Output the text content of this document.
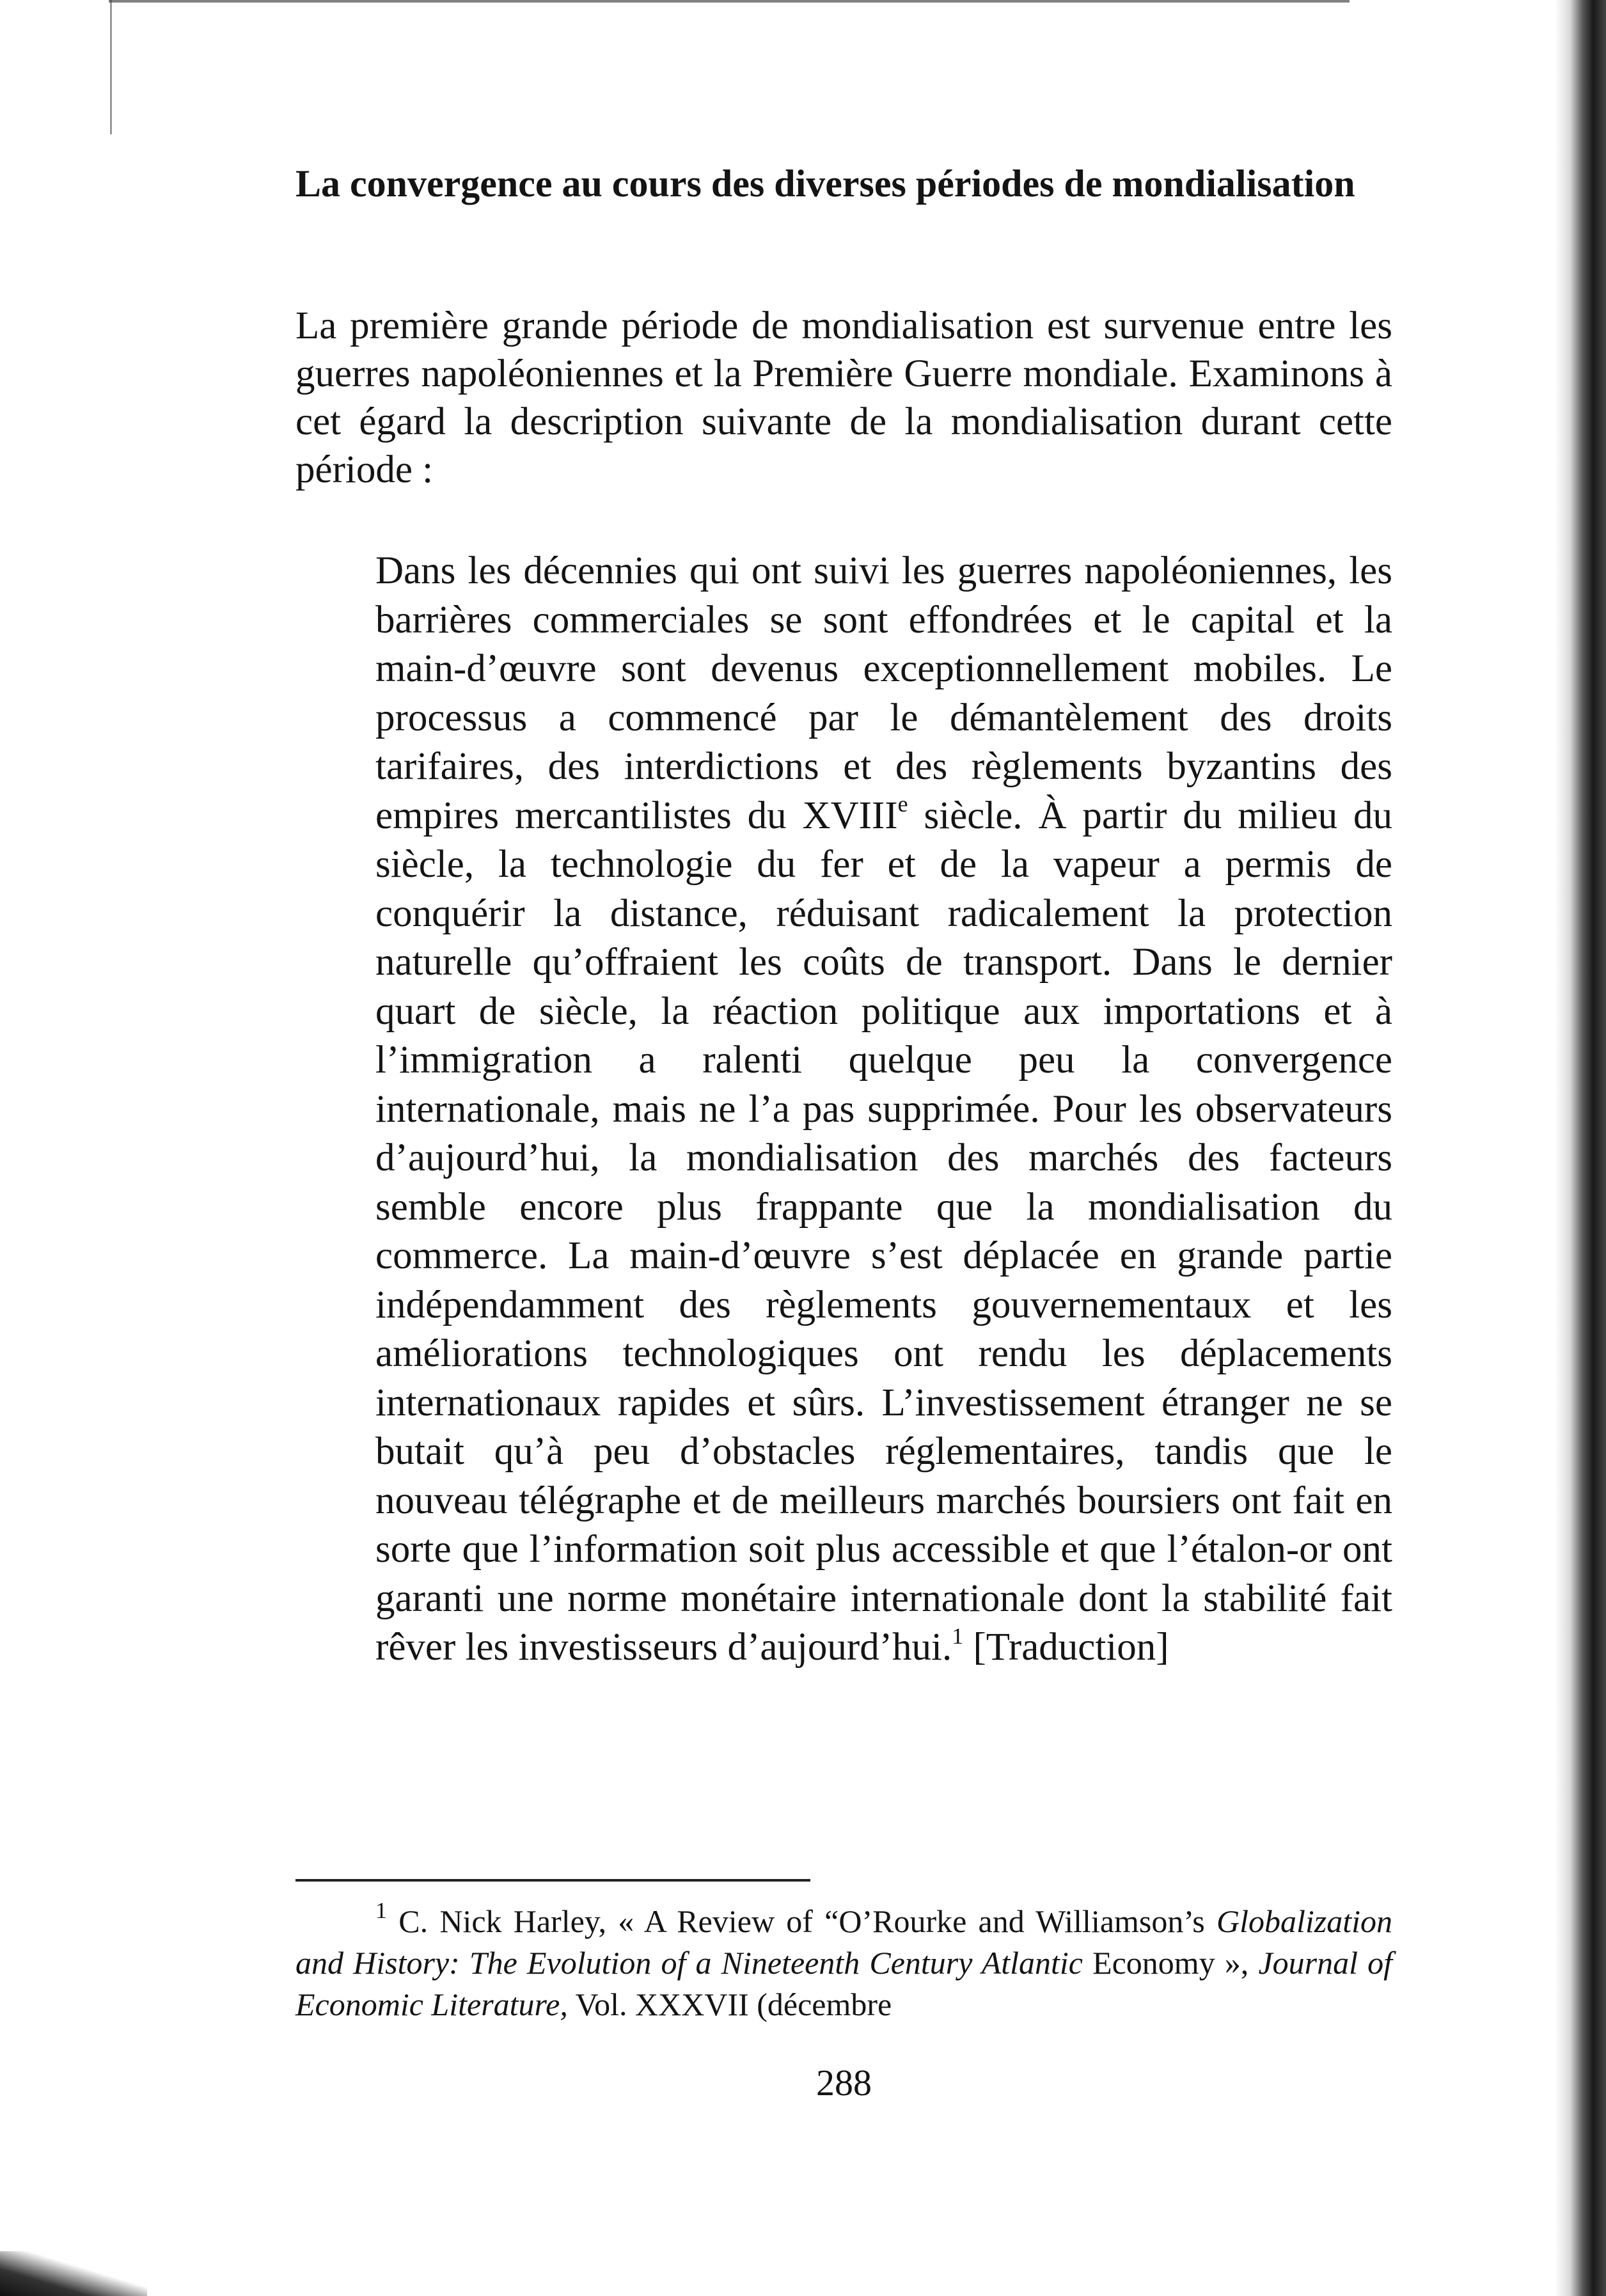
La convergence au cours des diverses périodes de mondialisation

La première grande période de mondialisation est survenue entre les guerres napoléoniennes et la Première Guerre mondiale. Examinons à cet égard la description suivante de la mondialisation durant cette période :

Dans les décennies qui ont suivi les guerres napoléoniennes, les barrières commerciales se sont effondrées et le capital et la main-d’œuvre sont devenus exceptionnellement mobiles. Le processus a commencé par le démantèlement des droits tarifaires, des interdictions et des règlements byzantins des empires mercantilistes du XVIIIe siècle. À partir du milieu du siècle, la technologie du fer et de la vapeur a permis de conquérir la distance, réduisant radicalement la protection naturelle qu’offraient les coûts de transport. Dans le dernier quart de siècle, la réaction politique aux importations et à l’immigration a ralenti quelque peu la convergence internationale, mais ne l’a pas supprimée. Pour les observateurs d’aujourd’hui, la mondialisation des marchés des facteurs semble encore plus frappante que la mondialisation du commerce. La main-d’œuvre s’est déplacée en grande partie indépendamment des règlements gouvernementaux et les améliorations technologiques ont rendu les déplacements internationaux rapides et sûrs. L’investissement étranger ne se butait qu’à peu d’obstacles réglementaires, tandis que le nouveau télégraphe et de meilleurs marchés boursiers ont fait en sorte que l’information soit plus accessible et que l’étalon-or ont garanti une norme monétaire internationale dont la stabilité fait rêver les investisseurs d’aujourd’hui.$^1$ [Traduction]

$^1$ C. Nick Harley, « A Review of “O’Rourke and Williamson’s Globalization and History: The Evolution of a Nineteenth Century Atlantic Economy », Journal of Economic Literature, Vol. XXXVII (décembre

288
